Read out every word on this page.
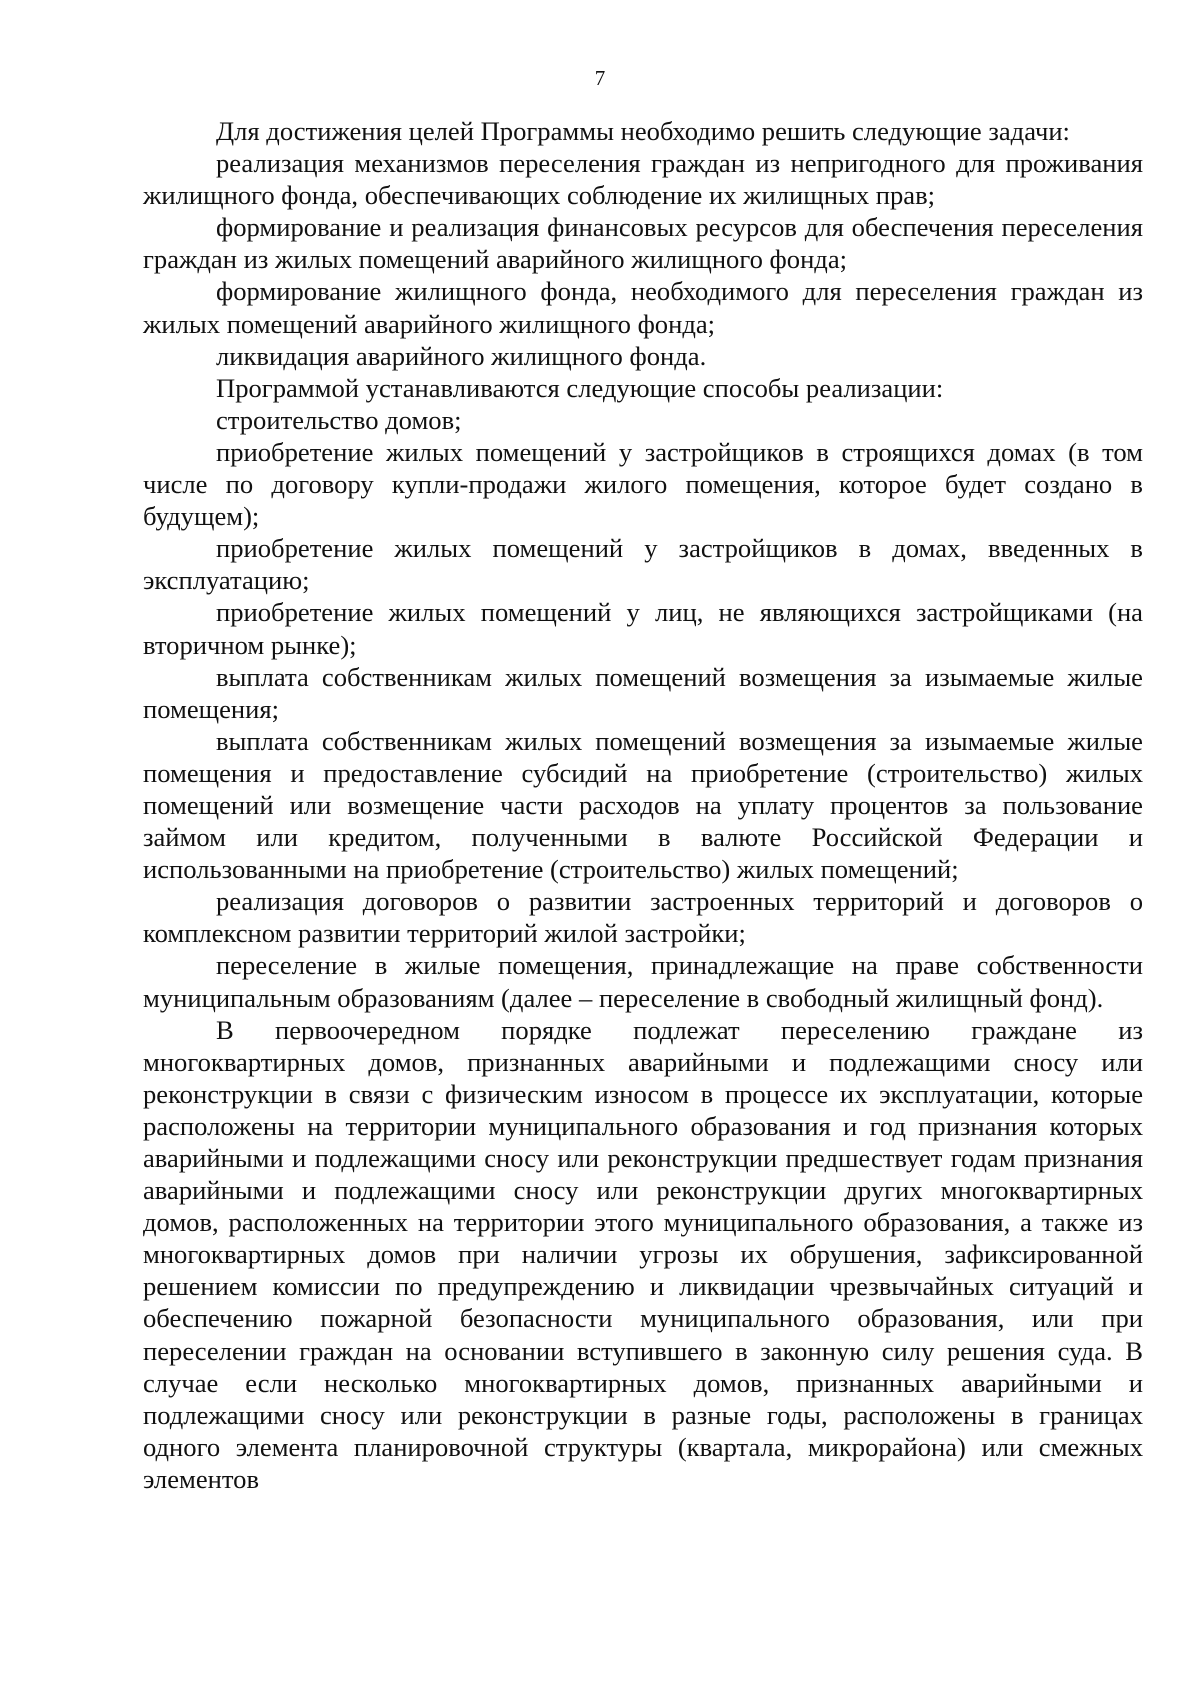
7

Для достижения целей Программы необходимо решить следующие задачи:

реализация механизмов переселения граждан из непригодного для проживания жилищного фонда, обеспечивающих соблюдение их жилищных прав;

формирование и реализация финансовых ресурсов для обеспечения переселения граждан из жилых помещений аварийного жилищного фонда;

формирование жилищного фонда, необходимого для переселения граждан из жилых помещений аварийного жилищного фонда;

ликвидация аварийного жилищного фонда.

Программой устанавливаются следующие способы реализации:

строительство домов;

приобретение жилых помещений у застройщиков в строящихся домах (в том числе по договору купли-продажи жилого помещения, которое будет создано в будущем);

приобретение жилых помещений у застройщиков в домах, введенных в эксплуатацию;

приобретение жилых помещений у лиц, не являющихся застройщиками (на вторичном рынке);

выплата собственникам жилых помещений возмещения за изымаемые жилые помещения;

выплата собственникам жилых помещений возмещения за изымаемые жилые помещения и предоставление субсидий на приобретение (строительство) жилых помещений или возмещение части расходов на уплату процентов за пользование займом или кредитом, полученными в валюте Российской Федерации и использованными на приобретение (строительство) жилых помещений;

реализация договоров о развитии застроенных территорий и договоров о комплексном развитии территорий жилой застройки;

переселение в жилые помещения, принадлежащие на праве собственности муниципальным образованиям (далее – переселение в свободный жилищный фонд).

В первоочередном порядке подлежат переселению граждане из многоквартирных домов, признанных аварийными и подлежащими сносу или реконструкции в связи с физическим износом в процессе их эксплуатации, которые расположены на территории муниципального образования и год признания которых аварийными и подлежащими сносу или реконструкции предшествует годам признания аварийными и подлежащими сносу или реконструкции других многоквартирных домов, расположенных на территории этого муниципального образования, а также из многоквартирных домов при наличии угрозы их обрушения, зафиксированной решением комиссии по предупреждению и ликвидации чрезвычайных ситуаций и обеспечению пожарной безопасности муниципального образования, или при переселении граждан на основании вступившего в законную силу решения суда. В случае если несколько многоквартирных домов, признанных аварийными и подлежащими сносу или реконструкции в разные годы, расположены в границах одного элемента планировочной структуры (квартала, микрорайона) или смежных элементов
